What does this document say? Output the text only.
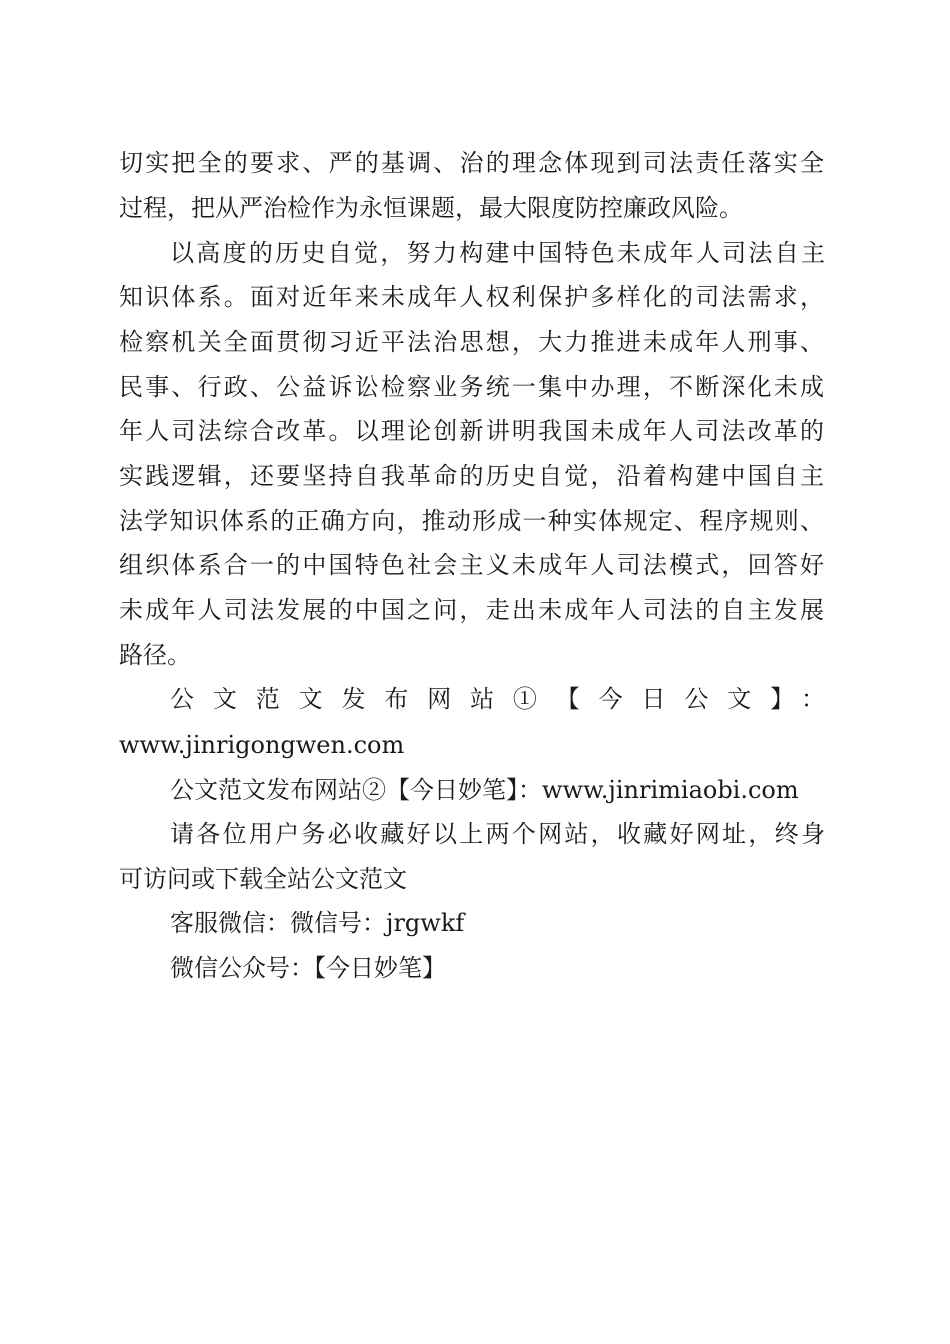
切实把全的要求、严的基调、治的理念体现到司法责任落实全
过程，把从严治检作为永恒课题，最大限度防控廉政风险。
以高度的历史自觉，努力构建中国特色未成年人司法自主
知识体系。面对近年来未成年人权利保护多样化的司法需求，
检察机关全面贯彻习近平法治思想，大力推进未成年人刑事、
民事、行政、公益诉讼检察业务统一集中办理，不断深化未成
年人司法综合改革。以理论创新讲明我国未成年人司法改革的
实践逻辑，还要坚持自我革命的历史自觉，沿着构建中国自主
法学知识体系的正确方向，推动形成一种实体规定、程序规则、
组织体系合一的中国特色社会主义未成年人司法模式，回答好
未成年人司法发展的中国之问，走出未成年人司法的自主发展
路径。
公文范文发布网站①【今日公文】：
www.jinrigongwen.com
公文范文发布网站②【今日妙笔】：www.jinrimiaobi.com
请各位用户务必收藏好以上两个网站，收藏好网址，终身
可访问或下载全站公文范文
客服微信：微信号：jrgwkf
微信公众号：【今日妙笔】
